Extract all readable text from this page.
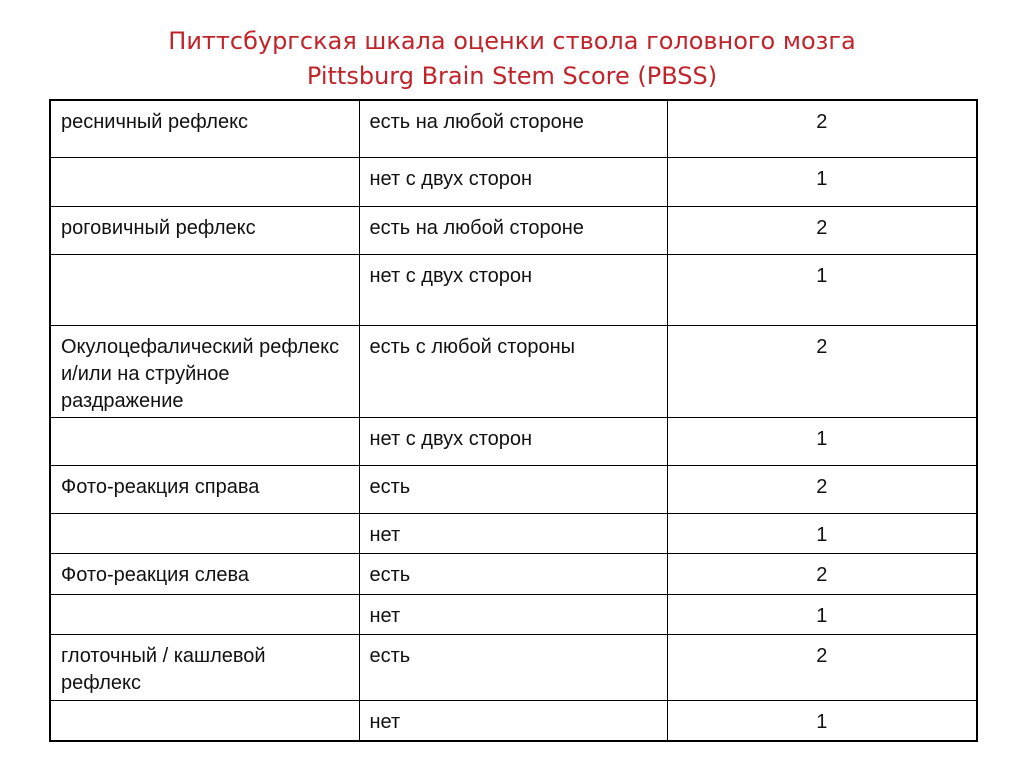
Питтсбургская шкала оценки ствола головного мозга
Pittsburg Brain Stem Score (PBSS)
ресничный рефлекс	есть на любой стороне	2
	нет с двух сторон	1
роговичный рефлекс	есть на любой стороне	2
	нет с двух сторон	1
Окулоцефалический рефлекс и/или на струйное раздражение	есть с любой стороны	2
	нет с двух сторон	1
Фото-реакция справа	есть	2
	нет	1
Фото-реакция слева	есть	2
	нет	1
глоточный / кашлевой рефлекс	есть	2
	нет	1
